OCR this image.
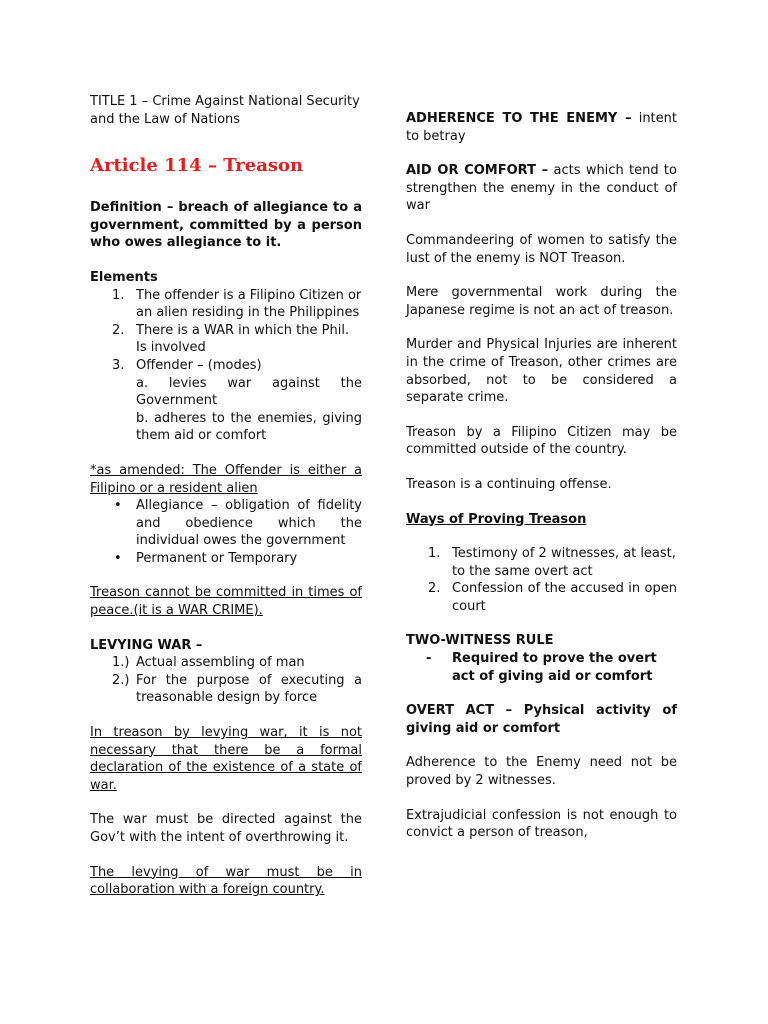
TITLE 1 – Crime Against National Security and the Law of Nations

Article 114 – Treason

Definition – breach of allegiance to a government, committed by a person who owes allegiance to it.

Elements

1. The offender is a Filipino Citizen or an alien residing in the Philippines
2. There is a WAR in which the Phil. Is involved
3. Offender – (modes)

a. levies war against the Government

b. adheres to the enemies, giving them aid or comfort

*as amended: The Offender is either a Filipino or a resident alien

• Allegiance – obligation of fidelity and obedience which the individual owes the government
• Permanent or Temporary

Treason cannot be committed in times of peace.(it is a WAR CRIME).

LEVYING WAR –

1.) Actual assembling of man
2.) For the purpose of executing a treasonable design by force

In treason by levying war, it is not necessary that there be a formal declaration of the existence of a state of war.

The war must be directed against the Gov’t with the intent of overthrowing it.

The levying of war must be in collaboration with a foreign country.

ADHERENCE TO THE ENEMY – intent to betray

AID OR COMFORT – acts which tend to strengthen the enemy in the conduct of war

Commandeering of women to satisfy the lust of the enemy is NOT Treason.

Mere governmental work during the Japanese regime is not an act of treason.

Murder and Physical Injuries are inherent in the crime of Treason, other crimes are absorbed, not to be considered a separate crime.

Treason by a Filipino Citizen may be committed outside of the country.

Treason is a continuing offense.

Ways of Proving Treason

1. Testimony of 2 witnesses, at least, to the same overt act
2. Confession of the accused in open court

TWO-WITNESS RULE

- Required to prove the overt act of giving aid or comfort

OVERT ACT – Pyhsical activity of giving aid or comfort

Adherence to the Enemy need not be proved by 2 witnesses.

Extrajudicial confession is not enough to convict a person of treason,
